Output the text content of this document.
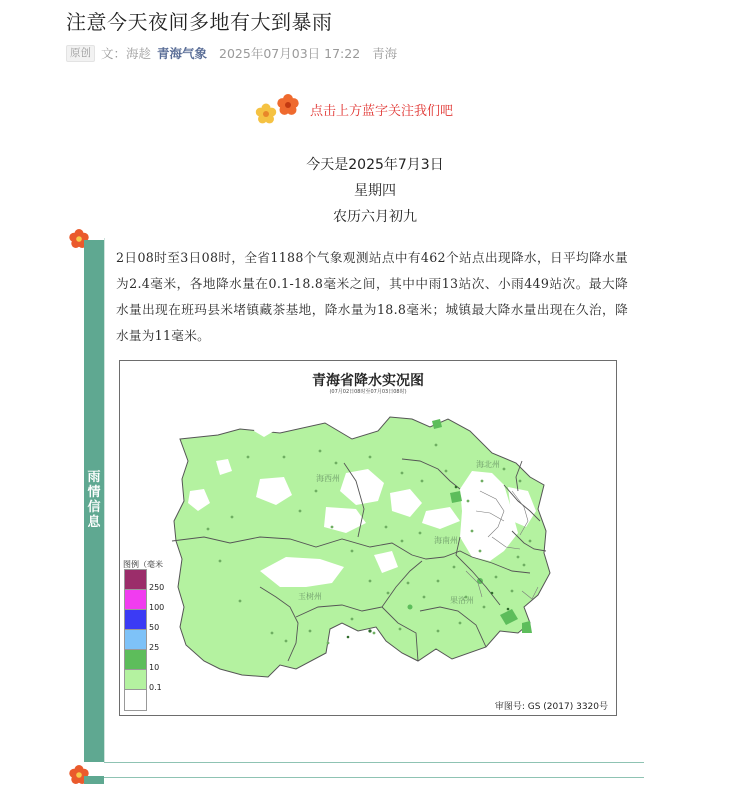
注意今天夜间多地有大到暴雨
原创 文：海趁 青海气象 2025年07月03日 17:22 青海
点击上方蓝字关注我们吧
今天是2025年7月3日
星期四
农历六月初九
雨情信息

2日08时至3日08时，全省1188个气象观测站点中有462个站点出现降水，日平均降水量为2.4毫米，各地降水量在0.1-18.8毫米之间，其中中雨13站次、小雨449站次。最大降水量出现在班玛县米堵镇藏茶基地，降水量为18.8毫米；城镇最大降水量出现在久治，降水量为11毫米。

海西州
海北州
海南州
玉树州	果洛州
青海省降水实况图
(07月02日08时至07月03日08时)
图例（毫米
250
100
50
25
10
0.1
审图号: GS (2017) 3320号
